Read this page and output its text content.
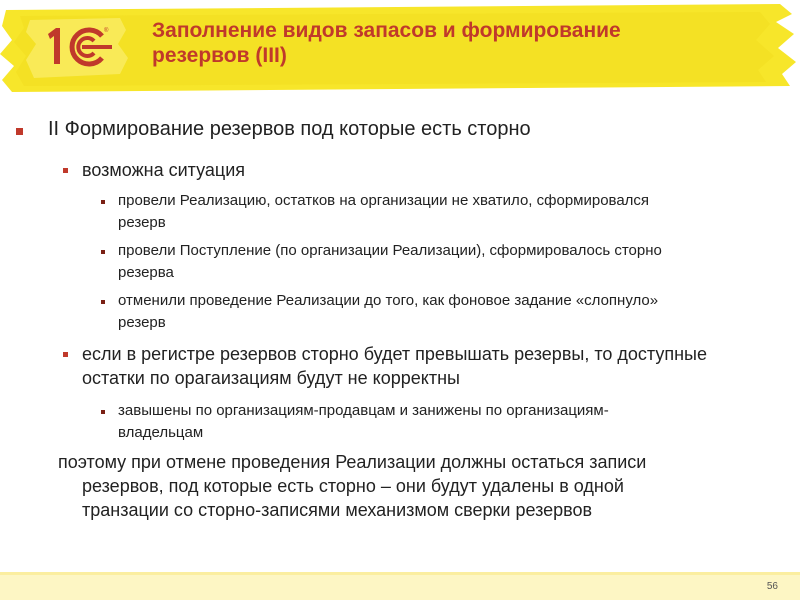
® Заполнение видов запасов и формирование
резервов (III)
II Формирование резервов под которые есть сторно
возможна ситуация
провели Реализацию, остатков на организации не хватило, сформировался
резерв
провели Поступление (по организации Реализации), сформировалось сторно
резерва
отменили проведение Реализации до того, как фоновое задание «слопнуло»
резерв
если в регистре резервов сторно будет превышать резервы, то доступные
остатки по орагаизациям будут не корректны
завышены по организациям-продавцам и занижены по организациям-
владельцам
поэтому при отмене проведения Реализации должны остаться записи
резервов, под которые есть сторно – они будут удалены в одной
транзации со сторно-записями механизмом сверки резервов
56
